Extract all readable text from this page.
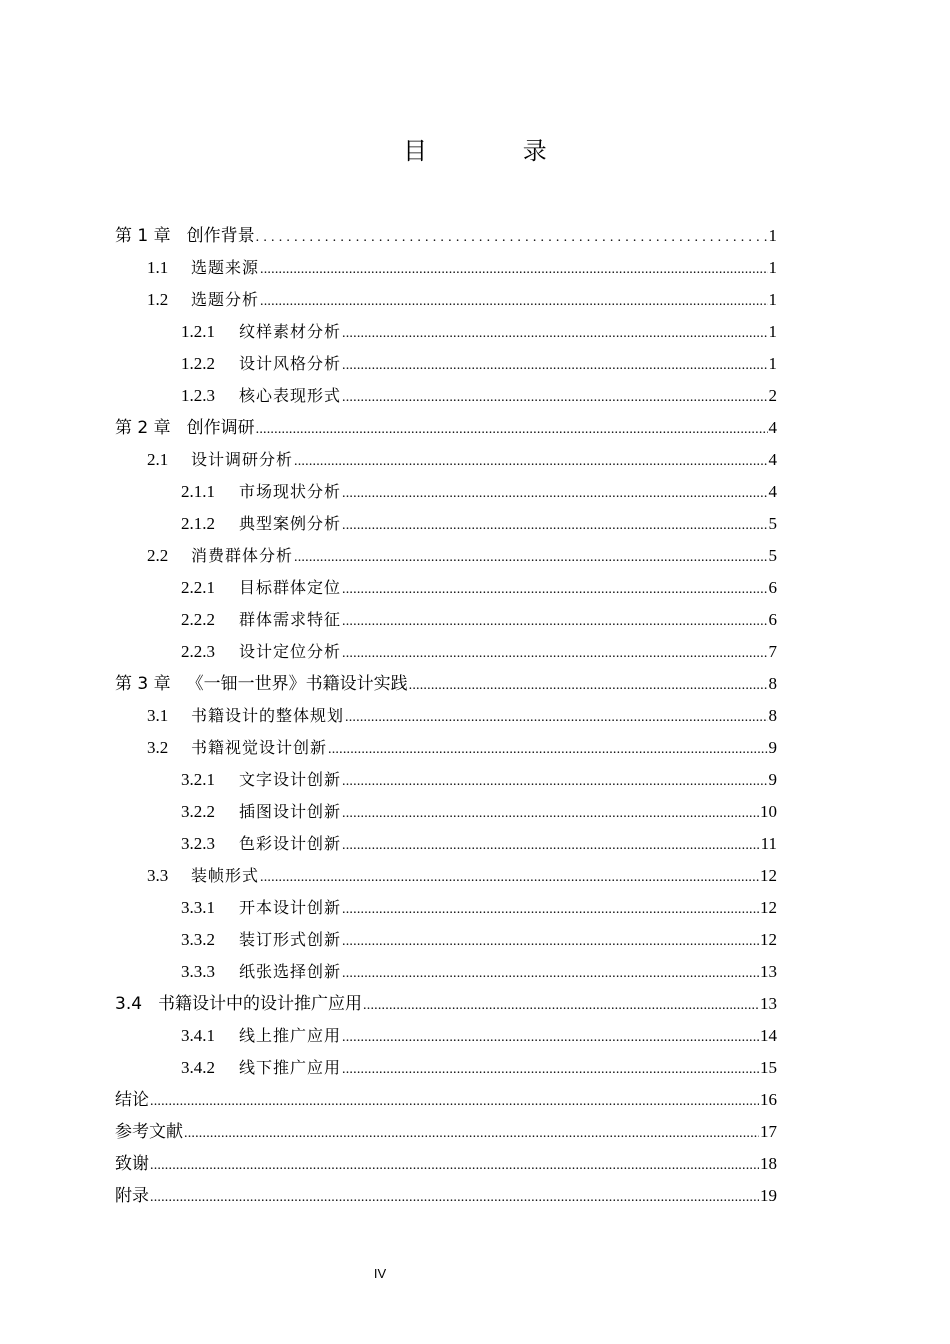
目 录
第 1 章 创作背景 .....	1
1.1	选题来源 .....	1
1.2	选题分析 .....	1
1.2.1	纹样素材分析 .....	1
1.2.2	设计风格分析 .....	1
1.2.3	核心表现形式 .....	2
第 2 章 创作调研 .....	4
2.1	设计调研分析 .....	4
2.1.1	市场现状分析 .....	4
2.1.2	典型案例分析 .....	5
2.2	消费群体分析 .....	5
2.2.1	目标群体定位 .....	6
2.2.2	群体需求特征 .....	6
2.2.3	设计定位分析 .....	7
第 3 章 《一钿一世界》书籍设计实践 .....	8
3.1	书籍设计的整体规划 .....	8
3.2	书籍视觉设计创新 .....	9
3.2.1	文字设计创新 .....	9
3.2.2	插图设计创新 .....	10
3.2.3	色彩设计创新 .....	11
3.3	装帧形式 .....	12
3.3.1	开本设计创新 .....	12
3.3.2	装订形式创新 .....	12
3.3.3	纸张选择创新 .....	13
3.4 书籍设计中的设计推广应用 .....	13
3.4.1	线上推广应用 .....	14
3.4.2	线下推广应用 .....	15
结论 .....	16
参考文献 .....	17
致谢 .....	18
附录 .....	19
IV
